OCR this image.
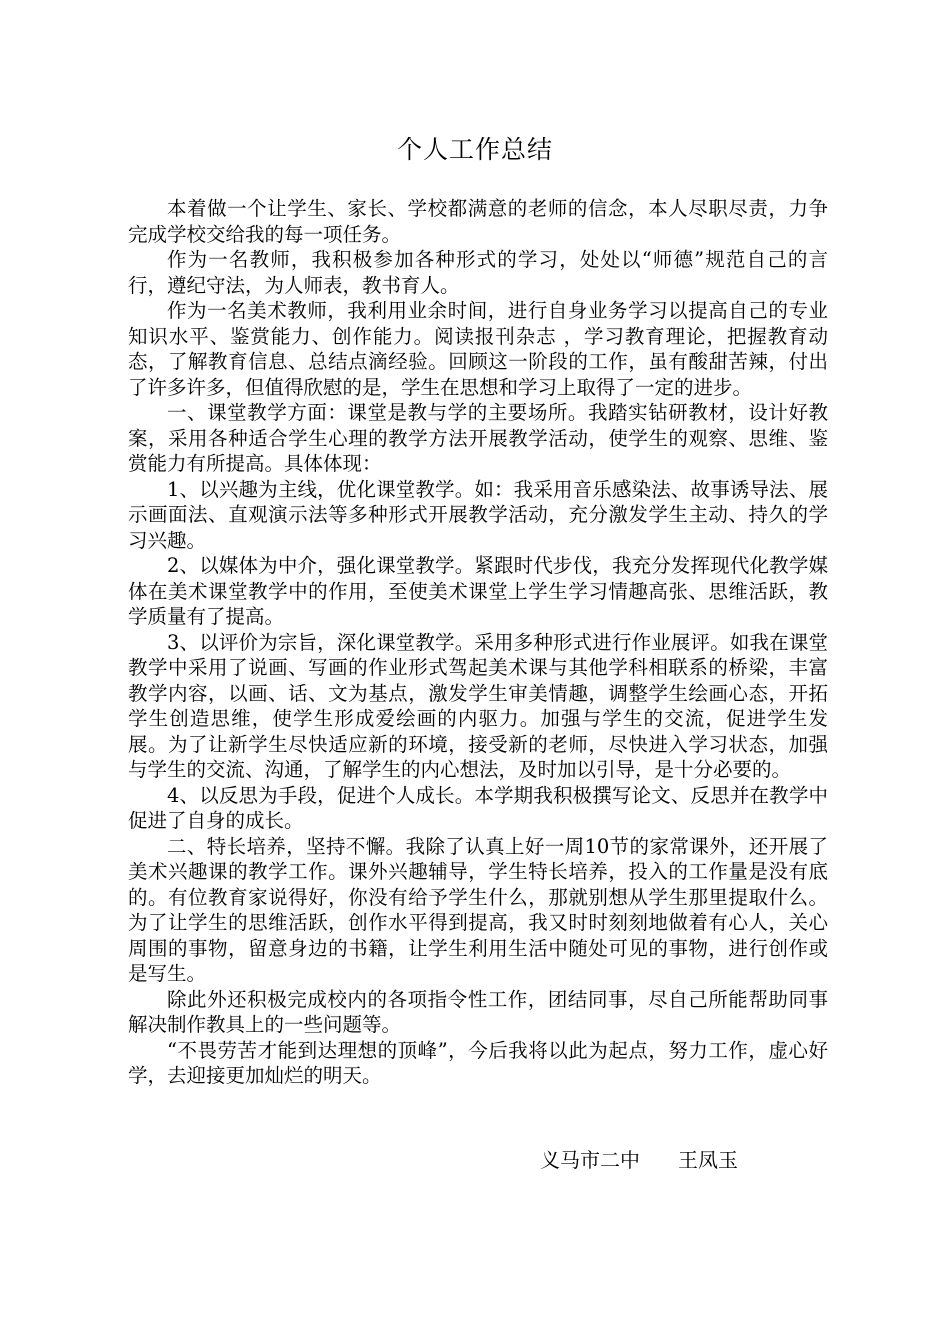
个人工作总结

本着做一个让学生、家长、学校都满意的老师的信念，本人尽职尽责，力争完成学校交给我的每一项任务。

作为一名教师，我积极参加各种形式的学习，处处以“师德”规范自己的言行，遵纪守法，为人师表，教书育人。

作为一名美术教师，我利用业余时间，进行自身业务学习以提高自己的专业知识水平、鉴赏能力、创作能力。阅读报刊杂志 ，学习教育理论，把握教育动态，了解教育信息、总结点滴经验。回顾这一阶段的工作，虽有酸甜苦辣，付出了许多许多，但值得欣慰的是，学生在思想和学习上取得了一定的进步。

一、课堂教学方面：课堂是教与学的主要场所。我踏实钻研教材，设计好教案，采用各种适合学生心理的教学方法开展教学活动，使学生的观察、思维、鉴赏能力有所提高。具体体现：

1、以兴趣为主线，优化课堂教学。如：我采用音乐感染法、故事诱导法、展示画面法、直观演示法等多种形式开展教学活动，充分激发学生主动、持久的学习兴趣。

2、以媒体为中介，强化课堂教学。紧跟时代步伐，我充分发挥现代化教学媒体在美术课堂教学中的作用，至使美术课堂上学生学习情趣高张、思维活跃，教学质量有了提高。

3、以评价为宗旨，深化课堂教学。采用多种形式进行作业展评。如我在课堂教学中采用了说画、写画的作业形式驾起美术课与其他学科相联系的桥梁，丰富教学内容，以画、话、文为基点，激发学生审美情趣，调整学生绘画心态，开拓学生创造思维，使学生形成爱绘画的内驱力。加强与学生的交流，促进学生发展。为了让新学生尽快适应新的环境，接受新的老师，尽快进入学习状态，加强与学生的交流、沟通，了解学生的内心想法，及时加以引导，是十分必要的。

4、以反思为手段，促进个人成长。本学期我积极撰写论文、反思并在教学中促进了自身的成长。

二、特长培养，坚持不懈。我除了认真上好一周10节的家常课外，还开展了美术兴趣课的教学工作。课外兴趣辅导，学生特长培养，投入的工作量是没有底的。有位教育家说得好，你没有给予学生什么，那就别想从学生那里提取什么。为了让学生的思维活跃，创作水平得到提高，我又时时刻刻地做着有心人，关心周围的事物，留意身边的书籍，让学生利用生活中随处可见的事物，进行创作或是写生。

除此外还积极完成校内的各项指令性工作，团结同事，尽自己所能帮助同事解决制作教具上的一些问题等。

“不畏劳苦才能到达理想的顶峰”，今后我将以此为起点，努力工作，虚心好学，去迎接更加灿烂的明天。

义马市二中 王凤玉
